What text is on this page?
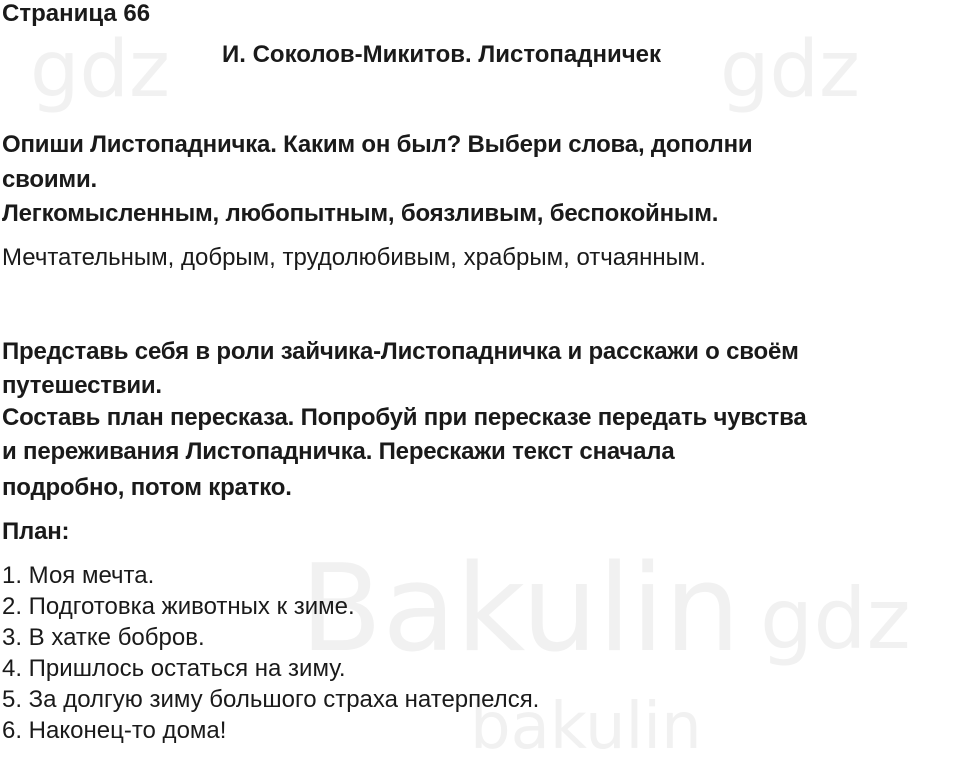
gdz	gdz
Bakulin gdz
bakulin
Страница 66
И. Соколов-Микитов. Листопадничек
Опиши Листопадничка. Каким он был? Выбери слова, дополни
своими.
Легкомысленным, любопытным, боязливым, беспокойным.
Мечтательным, добрым, трудолюбивым, храбрым, отчаянным.
Представь себя в роли зайчика-Листопадничка и расскажи о своём
путешествии.
Составь план пересказа. Попробуй при пересказе передать чувства
и переживания Листопадничка. Перескажи текст сначала
подробно, потом кратко.
План:
1. Моя мечта.
2. Подготовка животных к зиме.
3. В хатке бобров.
4. Пришлось остаться на зиму.
5. За долгую зиму большого страха натерпелся.
6. Наконец-то дома!
